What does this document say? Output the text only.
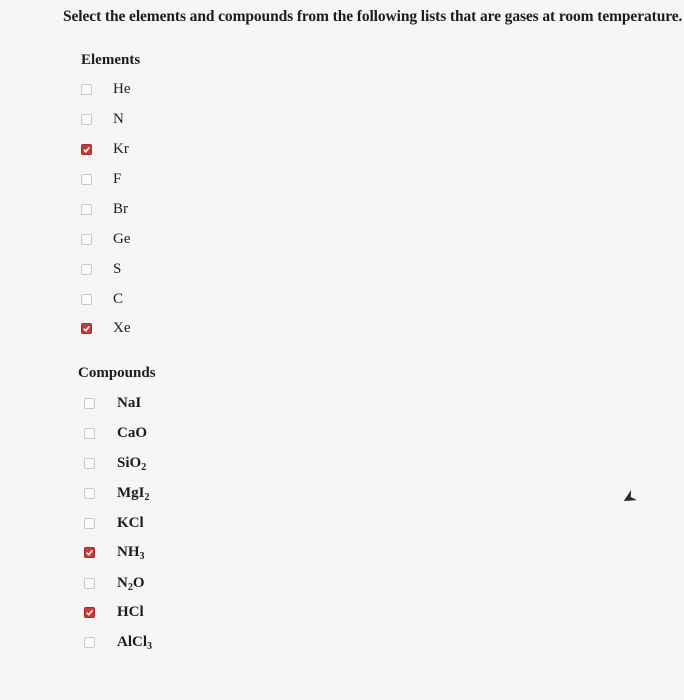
Select the elements and compounds from the following lists that are gases at room temperature.
Elements
He
N
Kr
F
Br
Ge
S
C
Xe
Compounds
NaI
CaO
SiO$_2$
MgI$_2$
KCl
$NH_3$
$N_2O$
HCl
AlCl$_3$
